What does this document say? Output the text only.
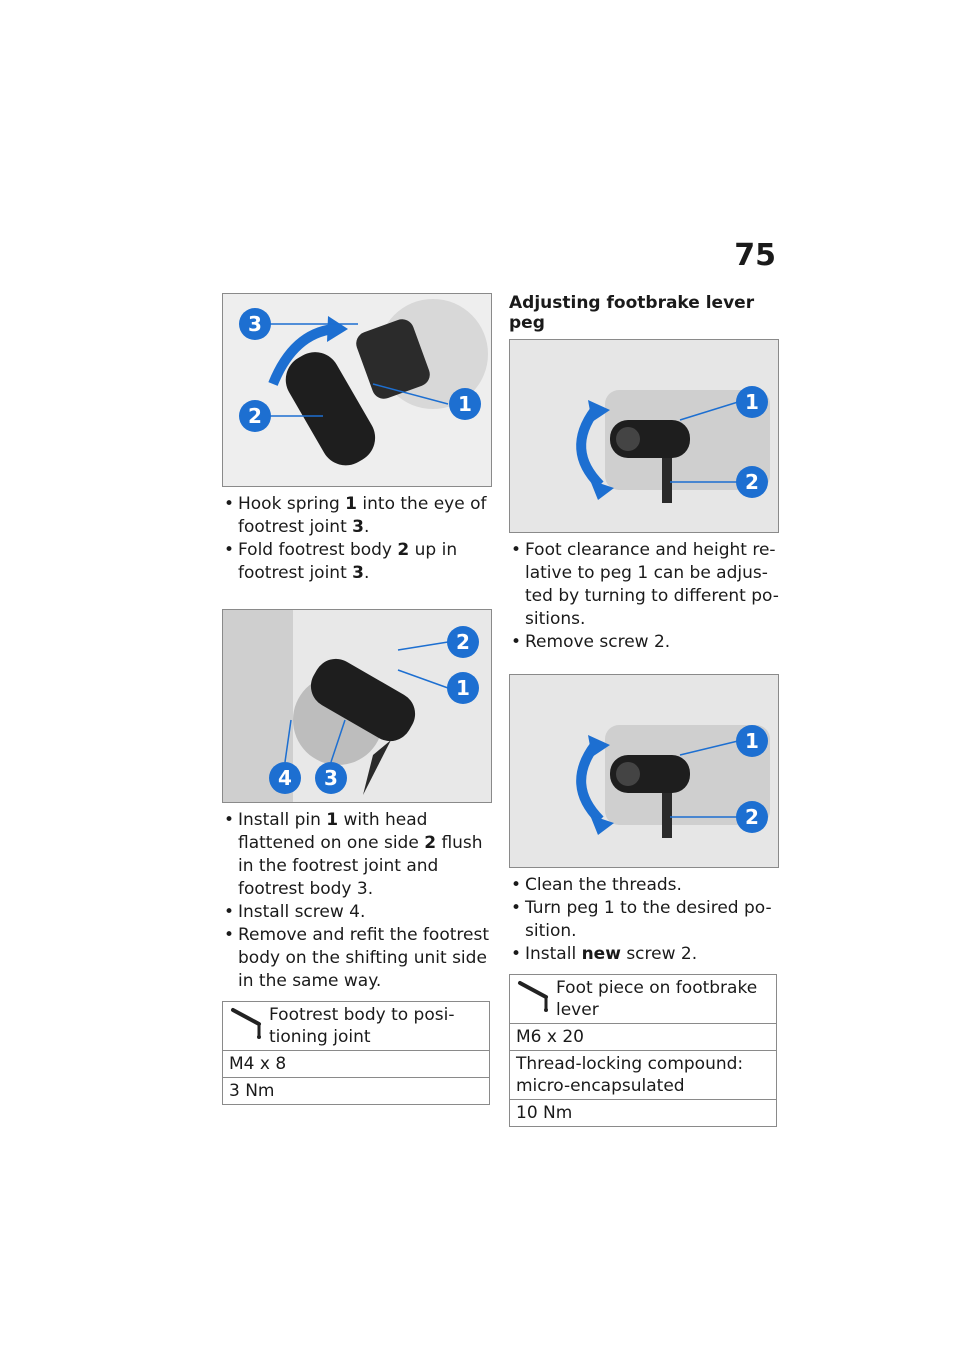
75
3
2	1
• Hook spring 1 into the eye of footrest joint 3.
• Fold footrest body 2 up in footrest joint 3.
2
1
4 3
• Install pin 1 with head flattened on one side 2 flush in the footrest joint and footrest body 3.
• Install screw 4.
• Remove and refit the footrest body on the shifting unit side in the same way.
Footrest body to posi-tioning joint

M4 x 8
3 Nm
Adjusting footbrake lever peg
1
2
• Foot clearance and height re-lative to peg 1 can be adjus-ted by turning to different po-sitions.
• Remove screw 2.
1
2
• Clean the threads.
• Turn peg 1 to the desired po-sition.
• Install new screw 2.
Foot piece on footbrake lever

M6 x 20
Thread-locking compound: micro-encapsulated
10 Nm
